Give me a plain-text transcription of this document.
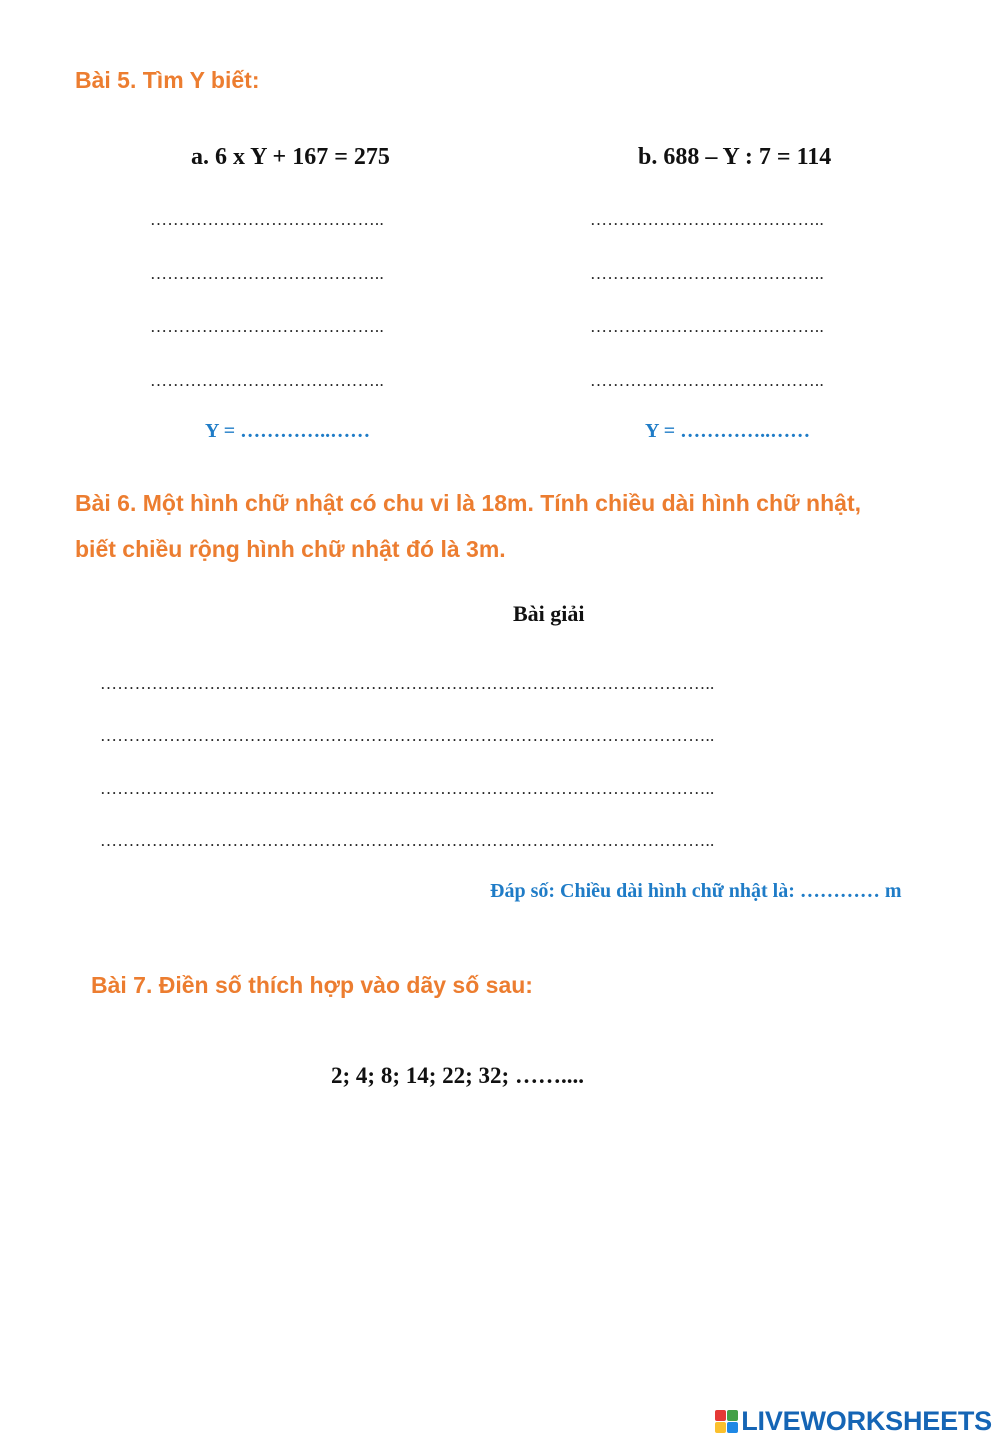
Bài 5. Tìm Y biết:
a. 6 x Y + 167 = 275	b. 688 – Y : 7 = 114
…………………………………..
…………………………………..
…………………………………..
…………………………………..
…………………………………..
…………………………………..
…………………………………..
…………………………………..
Y = …………..……	Y = …………..……
Bài 6. Một hình chữ nhật có chu vi là 18m. Tính chiều dài hình chữ nhật,
biết chiều rộng hình chữ nhật đó là 3m.
Bài giải
……………………………………………………………………………………………..
……………………………………………………………………………………………..
……………………………………………………………………………………………..
……………………………………………………………………………………………..
Đáp số: Chiều dài hình chữ nhật là: ………… m
Bài 7. Điền số thích hợp vào dãy số sau:
2; 4; 8; 14; 22; 32; ……....
LIVEWORKSHEETS
